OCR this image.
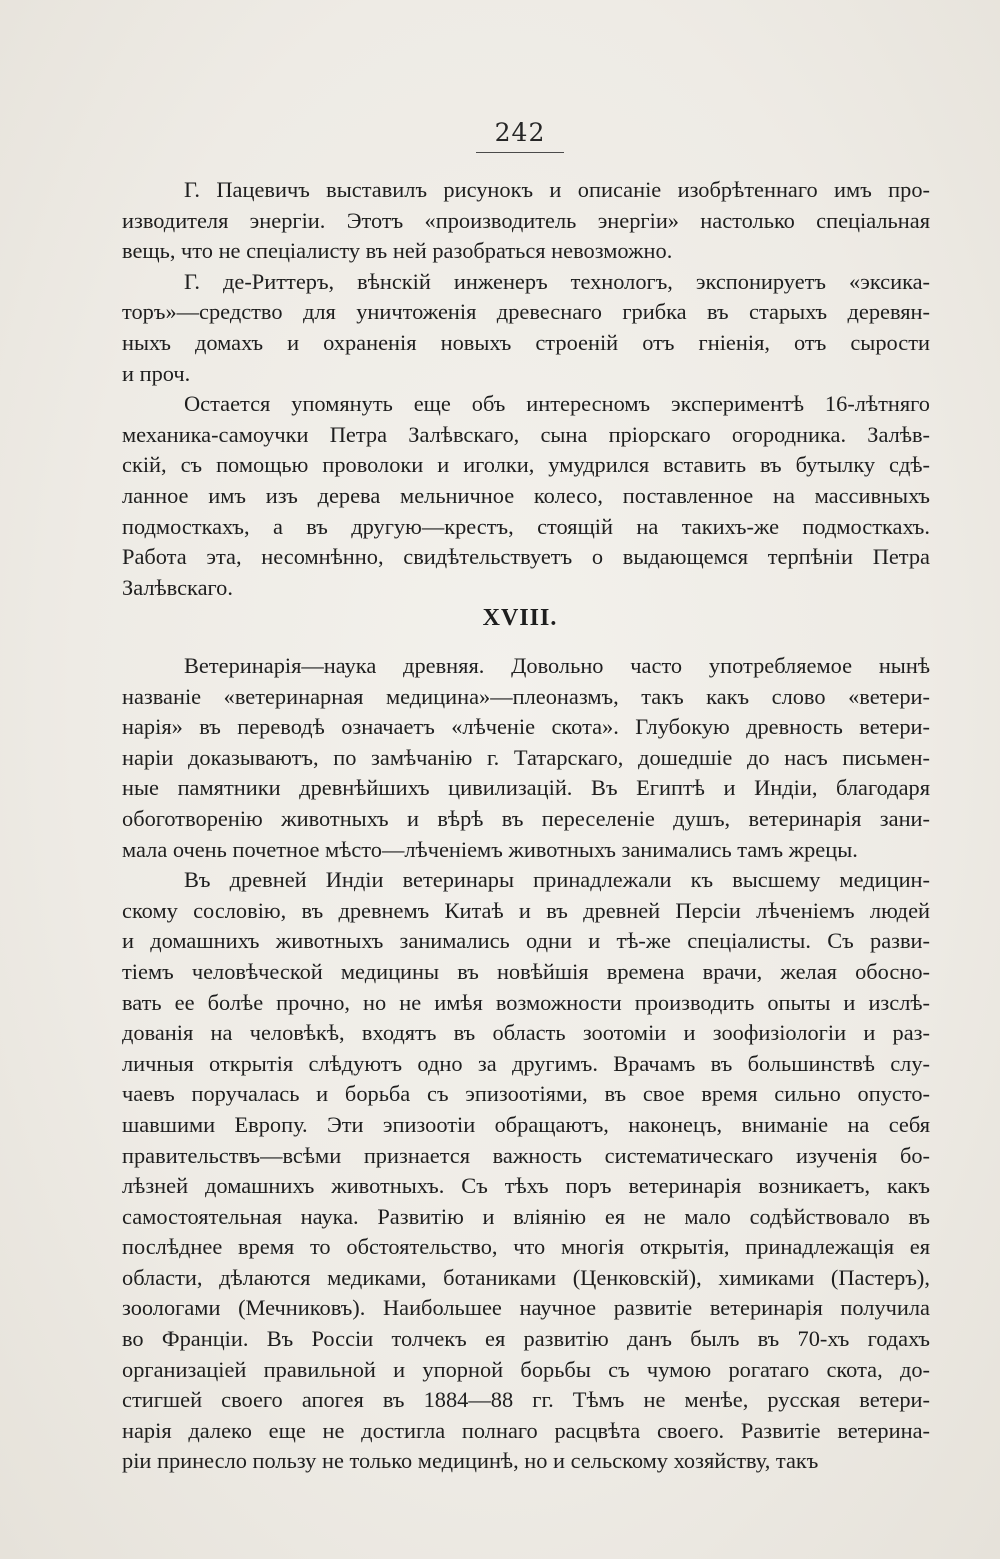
242
Г. Пацевичъ выставилъ рисунокъ и описаніе изобрѣтеннаго имъ про-
изводителя энергіи. Этотъ «производитель энергіи» настолько спеціальная
вещь, что не спеціалисту въ ней разобраться невозможно.
Г. де-Риттеръ, вѣнскій инженеръ технологъ, экспонируетъ «эксика-
торъ»—средство для уничтоженія древеснаго грибка въ старыхъ деревян-
ныхъ домахъ и охраненія новыхъ строеній отъ гніенія, отъ сырости
и проч.
Остается упомянуть еще объ интересномъ экспериментѣ 16-лѣтняго
механика-самоучки Петра Залѣвскаго, сына пріорскаго огородника. Залѣв-
скій, съ помощью проволоки и иголки, умудрился вставить въ бутылку сдѣ-
ланное имъ изъ дерева мельничное колесо, поставленное на массивныхъ
подмосткахъ, а въ другую—крестъ, стоящій на такихъ-же подмосткахъ.
Работа эта, несомнѣнно, свидѣтельствуетъ о выдающемся терпѣніи Петра
Залѣвскаго.
XVIII.
Ветеринарія—наука древняя. Довольно часто употребляемое нынѣ
названіе «ветеринарная медицина»—плеоназмъ, такъ какъ слово «ветери-
нарія» въ переводѣ означаетъ «лѣченіе скота». Глубокую древность ветери-
наріи доказываютъ, по замѣчанію г. Татарскаго, дошедшіе до насъ письмен-
ные памятники древнѣйшихъ цивилизацій. Въ Египтѣ и Индіи, благодаря
обоготворенію животныхъ и вѣрѣ въ переселеніе душъ, ветеринарія зани-
мала очень почетное мѣсто—лѣченіемъ животныхъ занимались тамъ жрецы.
Въ древней Индіи ветеринары принадлежали къ высшему медицин-
скому сословію, въ древнемъ Китаѣ и въ древней Персіи лѣченіемъ людей
и домашнихъ животныхъ занимались одни и тѣ-же спеціалисты. Съ разви-
тіемъ человѣческой медицины въ новѣйшія времена врачи, желая обосно-
вать ее болѣе прочно, но не имѣя возможности производить опыты и изслѣ-
дованія на человѣкѣ, входятъ въ область зоотоміи и зоофизіологіи и раз-
личныя открытія слѣдуютъ одно за другимъ. Врачамъ въ большинствѣ слу-
чаевъ поручалась и борьба съ эпизоотіями, въ свое время сильно опусто-
шавшими Европу. Эти эпизоотіи обращаютъ, наконецъ, вниманіе на себя
правительствъ—всѣми признается важность систематическаго изученія бо-
лѣзней домашнихъ животныхъ. Съ тѣхъ поръ ветеринарія возникаетъ, какъ
самостоятельная наука. Развитію и вліянію ея не мало содѣйствовало въ
послѣднее время то обстоятельство, что многія открытія, принадлежащія ея
области, дѣлаются медиками, ботаниками (Ценковскій), химиками (Пастеръ),
зоологами (Мечниковъ). Наибольшее научное развитіе ветеринарія получила
во Франціи. Въ Россіи толчекъ ея развитію данъ былъ въ 70-хъ годахъ
организаціей правильной и упорной борьбы съ чумою рогатаго скота, до-
стигшей своего апогея въ 1884—88 гг. Тѣмъ не менѣе, русская ветери-
нарія далеко еще не достигла полнаго расцвѣта своего. Развитіе ветерина-
ріи принесло пользу не только медицинѣ, но и сельскому хозяйству, такъ
